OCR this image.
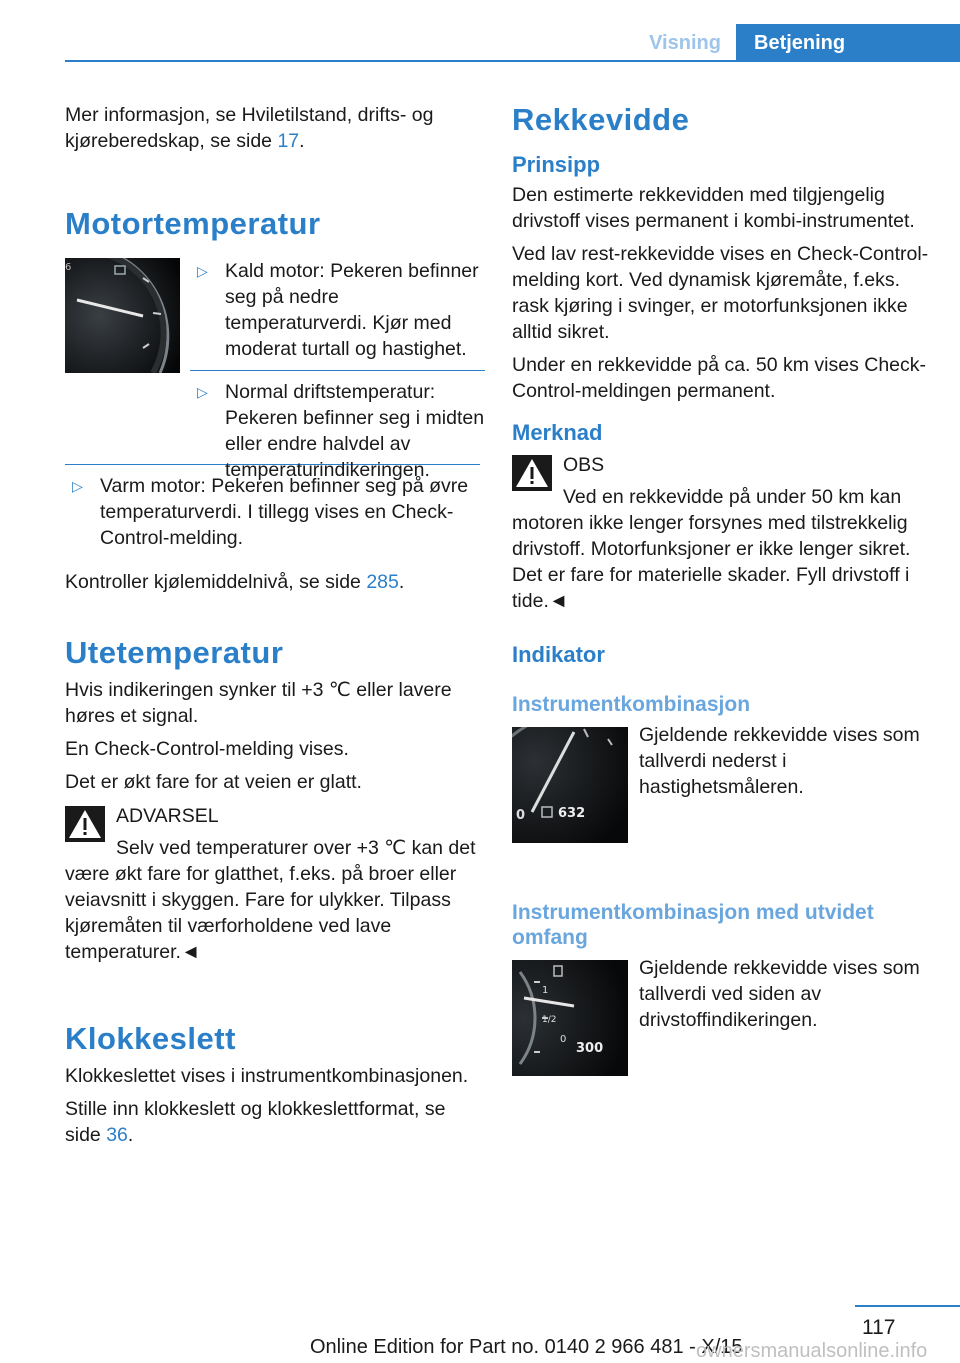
Visning	Betjening

Mer informasjon, se Hviletilstand, drifts- og kjøreberedskap, se side 17.

Motortemperatur
6	▷ Kald motor: Pekeren befinner seg på nedre temperaturverdi. Kjør med moderat turtall og hastighet.
▷ Normal driftstemperatur: Pekeren befinner seg i midten eller endre halvdel av temperaturindikeringen.
▷ Varm motor: Pekeren befinner seg på øvre temperaturverdi. I tillegg vises en Check-Control-melding.

Kontroller kjølemiddelnivå, se side 285.

Utetemperatur

Hvis indikeringen synker til +3 ℃ eller lavere høres et signal.

En Check-Control-melding vises.

Det er økt fare for at veien er glatt.

ADVARSEL

Selv ved temperaturer over +3 ℃ kan det være økt fare for glatthet, f.eks. på broer eller veiavsnitt i skyggen. Fare for ulykker. Tilpass kjøremåten til værforholdene ved lave temperaturer.◄

Klokkeslett

Klokkeslettet vises i instrumentkombinasjonen.

Stille inn klokkeslett og klokkeslettformat, se side 36.

Rekkevidde
Prinsipp

Den estimerte rekkevidden med tilgjengelig drivstoff vises permanent i kombi-instrumentet.

Ved lav rest-rekkevidde vises en Check-Control-melding kort. Ved dynamisk kjøremåte, f.eks. rask kjøring i svinger, er motorfunksjonen ikke alltid sikret.

Under en rekkevidde på ca. 50 km vises Check-Control-meldingen permanent.

Merknad

OBS

Ved en rekkevidde på under 50 km kan motoren ikke lenger forsynes med tilstrekkelig drivstoff. Motorfunksjoner er ikke lenger sikret. Det er fare for materielle skader. Fyll drivstoff i tide.◄

Indikator
Instrumentkombinasjon
632
0

Gjeldende rekkevidde vises som tallverdi nederst i hastighetsmåleren.

Instrumentkombinasjon med utvidet omfang
1
1/2
0
300

Gjeldende rekkevidde vises som tallverdi ved siden av drivstoffindikeringen.

117
Online Edition for Part no. 0140 2 966 481 - X/15
ownersmanualsonline.info
